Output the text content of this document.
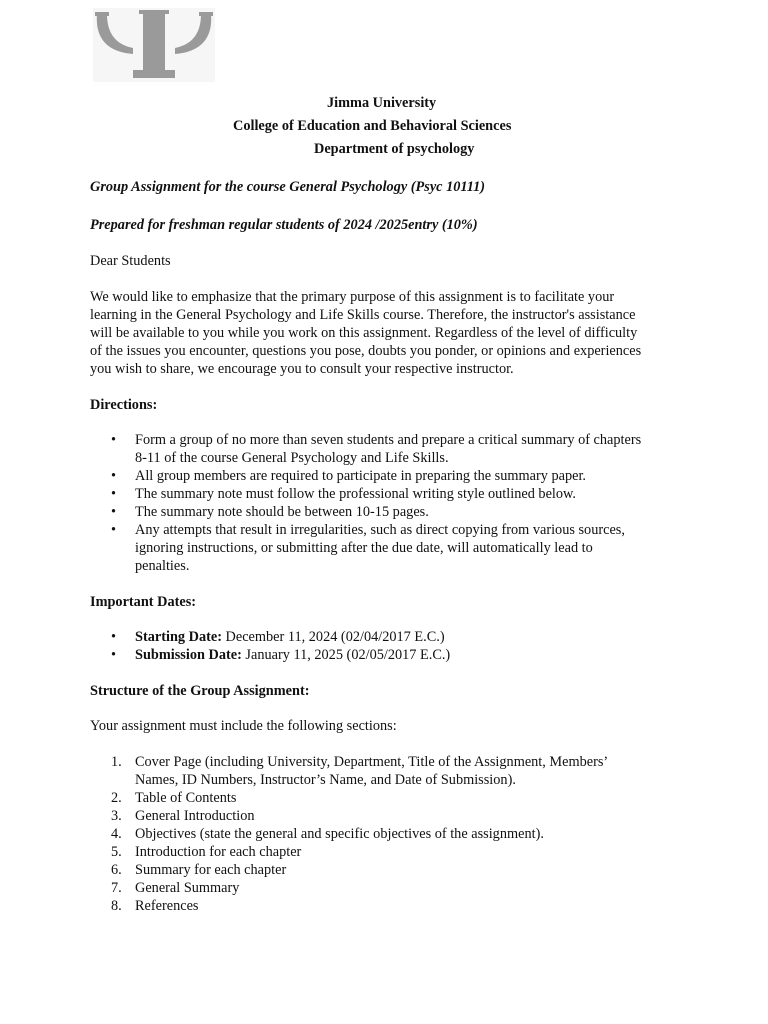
Jimma University
College of Education and Behavioral Sciences
Department of psychology

Group Assignment for the course General Psychology (Psyc 10111)

Prepared for freshman regular students of 2024 /2025entry (10%)

Dear Students

We would like to emphasize that the primary purpose of this assignment is to facilitate your

learning in the General Psychology and Life Skills course. Therefore, the instructor's assistance

will be available to you while you work on this assignment. Regardless of the level of difficulty

of the issues you encounter, questions you pose, doubts you ponder, or opinions and experiences

you wish to share, we encourage you to consult your respective instructor.

Directions:

• Form a group of no more than seven students and prepare a critical summary of chapters
8-11 of the course General Psychology and Life Skills.
• All group members are required to participate in preparing the summary paper.
• The summary note must follow the professional writing style outlined below.
• The summary note should be between 10-15 pages.
• Any attempts that result in irregularities, such as direct copying from various sources,
ignoring instructions, or submitting after the due date, will automatically lead to
penalties.

Important Dates:

• Starting Date: December 11, 2024 (02/04/2017 E.C.)
• Submission Date: January 11, 2025 (02/05/2017 E.C.)

Structure of the Group Assignment:

Your assignment must include the following sections:

1. Cover Page (including University, Department, Title of the Assignment, Members’
Names, ID Numbers, Instructor’s Name, and Date of Submission).
2. Table of Contents
3. General Introduction
4. Objectives (state the general and specific objectives of the assignment).
5. Introduction for each chapter
6. Summary for each chapter
7. General Summary
8. References
